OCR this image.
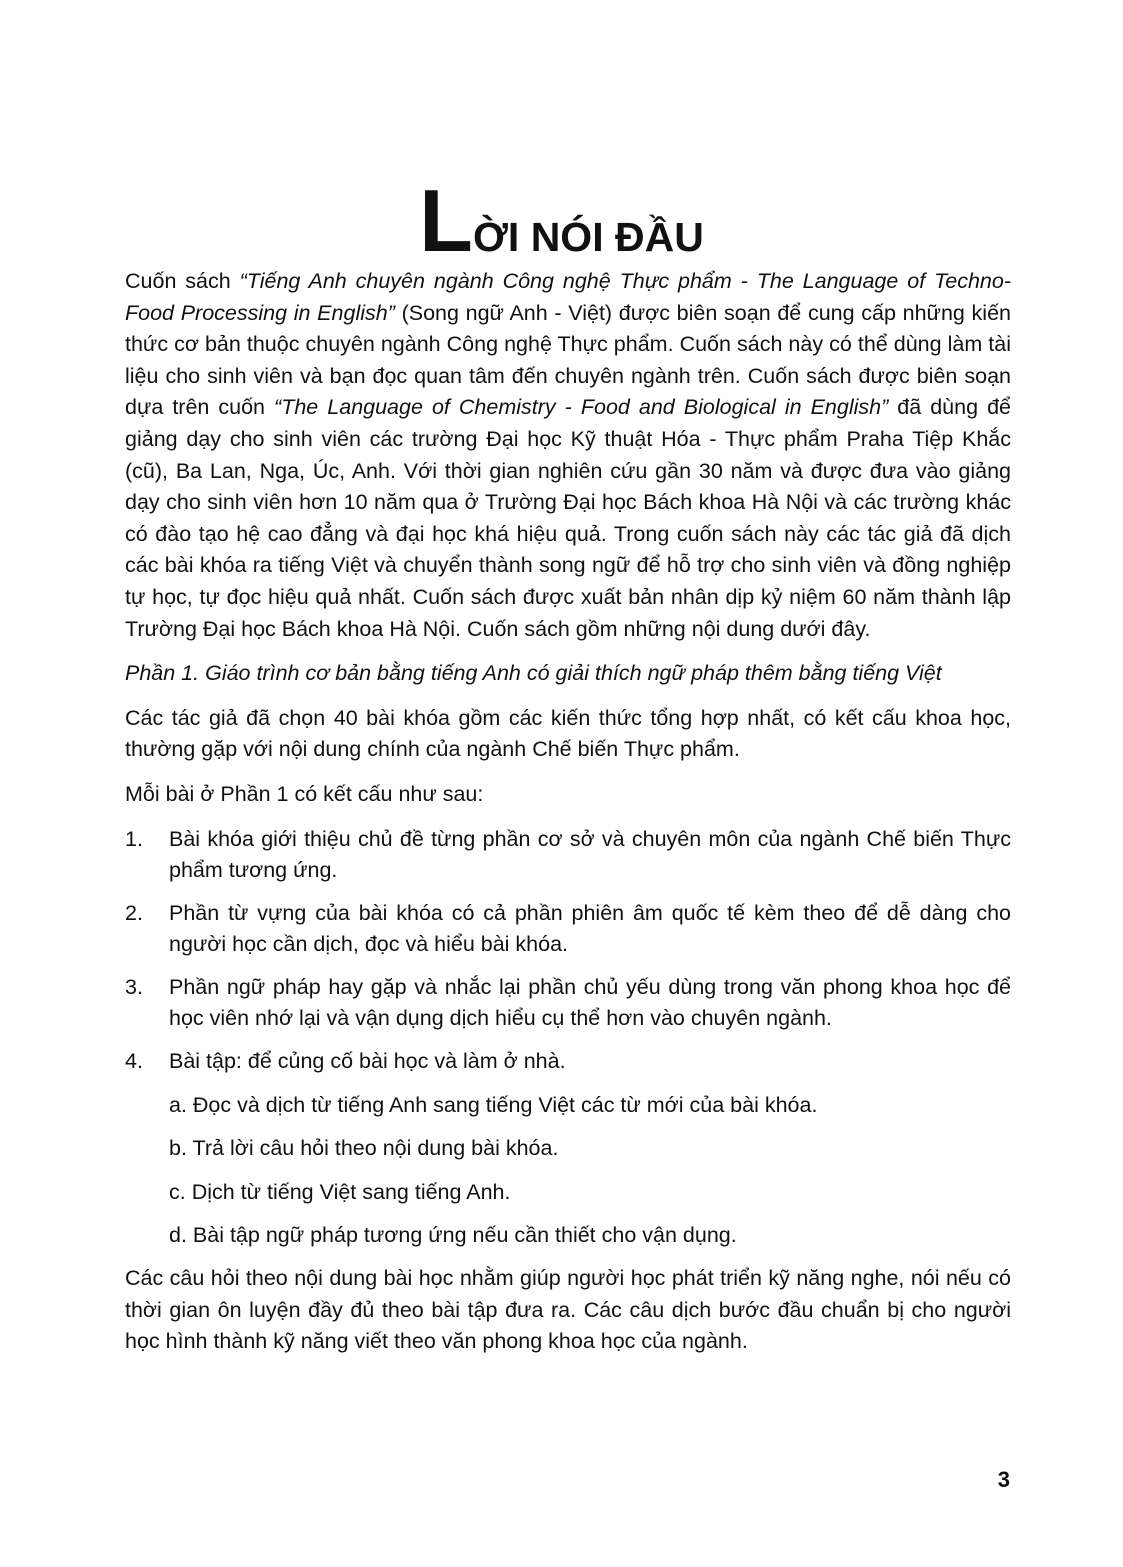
LỜI NÓI ĐẦU

Cuốn sách “Tiếng Anh chuyên ngành Công nghệ Thực phẩm - The Language of Techno-Food Processing in English” (Song ngữ Anh - Việt) được biên soạn để cung cấp những kiến thức cơ bản thuộc chuyên ngành Công nghệ Thực phẩm. Cuốn sách này có thể dùng làm tài liệu cho sinh viên và bạn đọc quan tâm đến chuyên ngành trên. Cuốn sách được biên soạn dựa trên cuốn “The Language of Chemistry - Food and Biological in English” đã dùng để giảng dạy cho sinh viên các trường Đại học Kỹ thuật Hóa - Thực phẩm Praha Tiệp Khắc (cũ), Ba Lan, Nga, Úc, Anh. Với thời gian nghiên cứu gần 30 năm và được đưa vào giảng dạy cho sinh viên hơn 10 năm qua ở Trường Đại học Bách khoa Hà Nội và các trường khác có đào tạo hệ cao đẳng và đại học khá hiệu quả. Trong cuốn sách này các tác giả đã dịch các bài khóa ra tiếng Việt và chuyển thành song ngữ để hỗ trợ cho sinh viên và đồng nghiệp tự học, tự đọc hiệu quả nhất. Cuốn sách được xuất bản nhân dịp kỷ niệm 60 năm thành lập Trường Đại học Bách khoa Hà Nội. Cuốn sách gồm những nội dung dưới đây.

Phần 1. Giáo trình cơ bản bằng tiếng Anh có giải thích ngữ pháp thêm bằng tiếng Việt

Các tác giả đã chọn 40 bài khóa gồm các kiến thức tổng hợp nhất, có kết cấu khoa học, thường gặp với nội dung chính của ngành Chế biến Thực phẩm.

Mỗi bài ở Phần 1 có kết cấu như sau:

1. Bài khóa giới thiệu chủ đề từng phần cơ sở và chuyên môn của ngành Chế biến Thực phẩm tương ứng.
2. Phần từ vựng của bài khóa có cả phần phiên âm quốc tế kèm theo để dễ dàng cho người học cần dịch, đọc và hiểu bài khóa.
3. Phần ngữ pháp hay gặp và nhắc lại phần chủ yếu dùng trong văn phong khoa học để học viên nhớ lại và vận dụng dịch hiểu cụ thể hơn vào chuyên ngành.
4. Bài tập: để củng cố bài học và làm ở nhà.
a. Đọc và dịch từ tiếng Anh sang tiếng Việt các từ mới của bài khóa.
b. Trả lời câu hỏi theo nội dung bài khóa.
c. Dịch từ tiếng Việt sang tiếng Anh.
d. Bài tập ngữ pháp tương ứng nếu cần thiết cho vận dụng.

Các câu hỏi theo nội dung bài học nhằm giúp người học phát triển kỹ năng nghe, nói nếu có thời gian ôn luyện đầy đủ theo bài tập đưa ra. Các câu dịch bước đầu chuẩn bị cho người học hình thành kỹ năng viết theo văn phong khoa học của ngành.

3
